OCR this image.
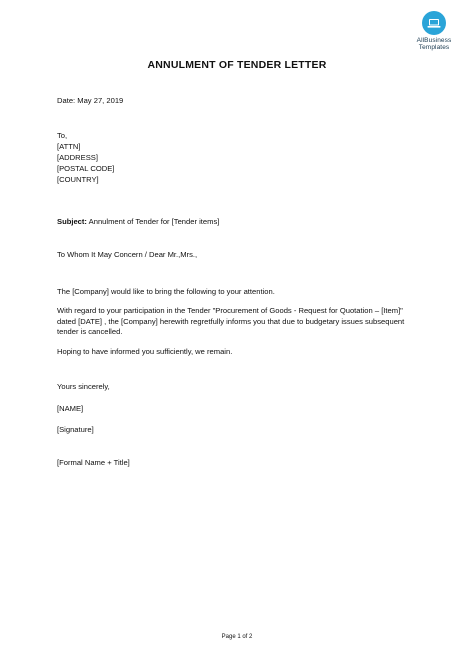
AllBusiness
Templates
ANNULMENT OF TENDER LETTER
Date: May 27, 2019
To,
[ATTN]
[ADDRESS]
[POSTAL CODE]
[COUNTRY]
Subject: Annulment of Tender for [Tender items]
To Whom It May Concern / Dear Mr.,Mrs.,
The [Company] would like to bring the following to your attention.
With regard to your participation in the Tender "Procurement of Goods - Request for Quotation – [Item]" dated [DATE] , the [Company] herewith regretfully informs you that due to budgetary issues subsequent tender is cancelled.
Hoping to have informed you sufficiently, we remain.
Yours sincerely,
[NAME]
[Signature]
[Formal Name + Title]
Page 1 of 2
